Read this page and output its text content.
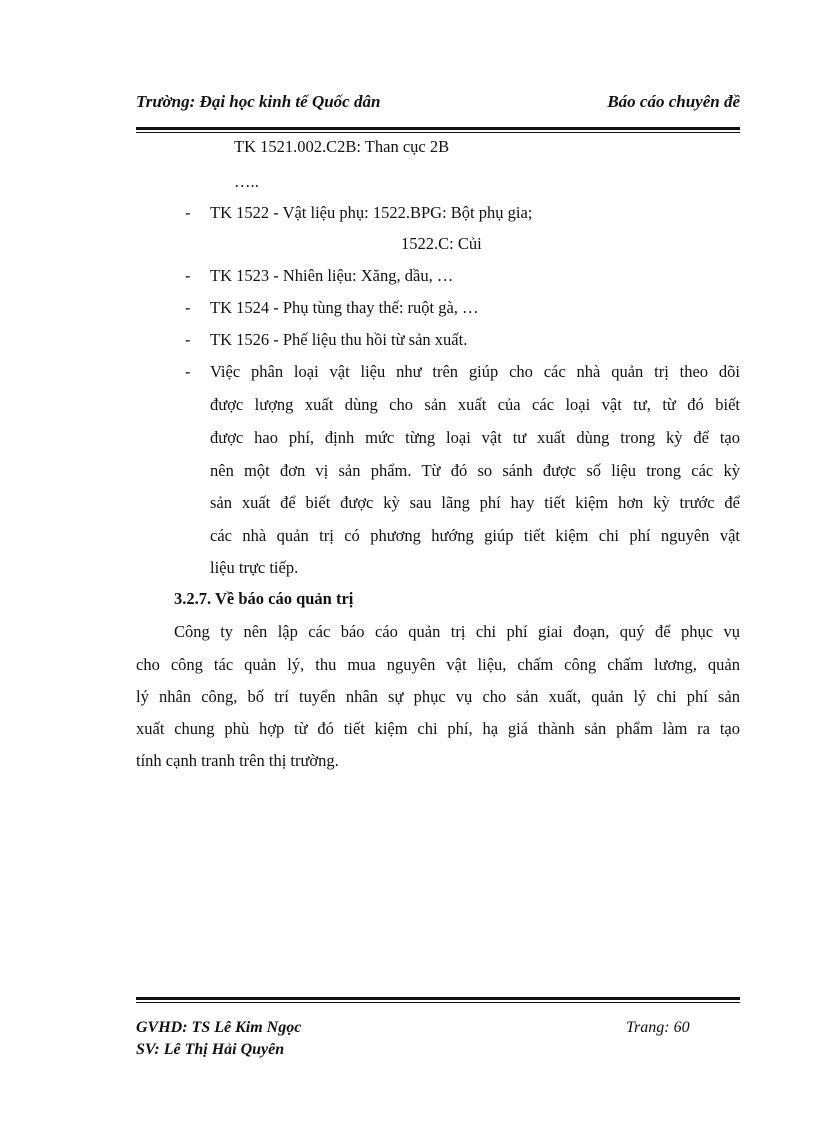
Trường: Đại học kinh tế Quốc dân	Báo cáo chuyên đề
TK 1521.002.C2B: Than cục 2B
…..
- TK 1522 - Vật liệu phụ: 1522.BPG: Bột phụ gia;
1522.C: Củi
- TK 1523 - Nhiên liệu: Xăng, dầu, …
- TK 1524 - Phụ tùng thay thế: ruột gà, …
- TK 1526 - Phế liệu thu hồi từ sản xuất.
- Việc phân loại vật liệu như trên giúp cho các nhà quản trị theo dõi
được lượng xuất dùng cho sản xuất của các loại vật tư, từ đó biết
được hao phí, định mức từng loại vật tư xuất dùng trong kỳ để tạo
nên một đơn vị sản phẩm. Từ đó so sánh được số liệu trong các kỳ
sản xuất để biết được kỳ sau lãng phí hay tiết kiệm hơn kỳ trước để
các nhà quản trị có phương hướng giúp tiết kiệm chi phí nguyên vật
liệu trực tiếp.
3.2.7. Về báo cáo quản trị
Công ty nên lập các báo cáo quản trị chi phí giai đoạn, quý để phục vụ
cho công tác quản lý, thu mua nguyên vật liệu, chấm công chấm lương, quản
lý nhân công, bố trí tuyển nhân sự phục vụ cho sản xuất, quản lý chi phí sản
xuất chung phù hợp từ đó tiết kiệm chi phí, hạ giá thành sản phẩm làm ra tạo
tính cạnh tranh trên thị trường.
GVHD: TS Lê Kim Ngọc	Trang: 60
SV: Lê Thị Hải Quyên
